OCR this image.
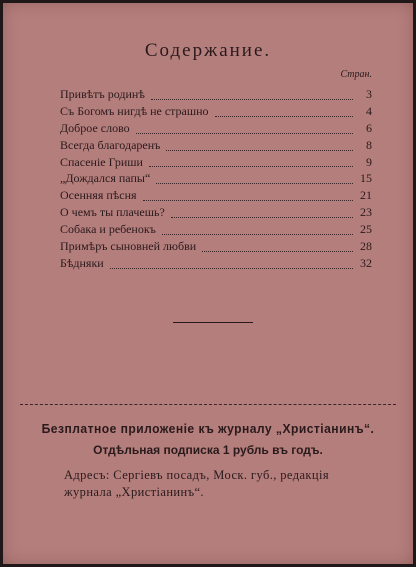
Содержание.
Стран.
Привѣтъ родинѣ	3
Съ Богомъ нигдѣ не страшно	4
Доброе слово	6
Всегда благодаренъ	8
Спасеніе Гриши	9
„Дождался папы“	15
Осенняя пѣсня	21
О чемъ ты плачешь?	23
Собака и ребенокъ	25
Примѣръ сыновней любви	28
Бѣдняки	32
Безплатное приложеніе къ журналу „Христіанинъ“.
Отдѣльная подписка 1 рубль въ годъ.
Адресъ: Сергіевъ посадъ, Моск. губ., редакція
журнала „Христіанинъ“.
